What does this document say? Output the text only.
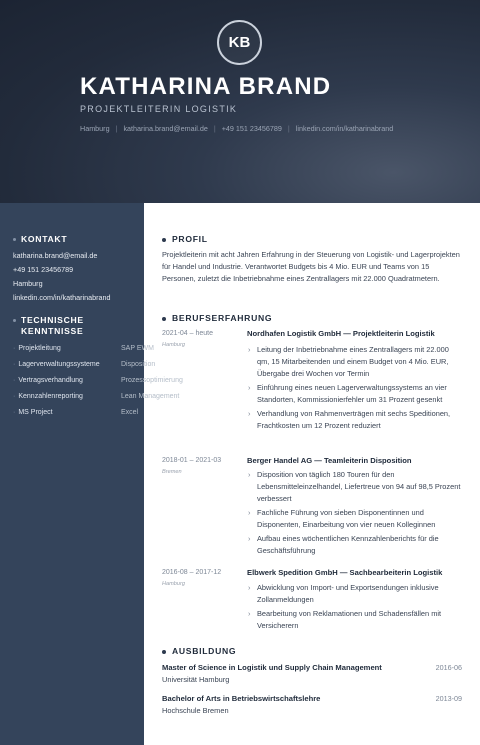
KB
KATHARINA BRAND
PROJEKTLEITERIN LOGISTIK
Hamburg | katharina.brand@email.de | +49 151 23456789 | linkedin.com/in/katharinabrand
KONTAKT
katharina.brand@email.de
+49 151 23456789
Hamburg
linkedin.com/in/katharinabrand
TECHNISCHE
KENNTNISSE
· Projektleitung
· Lagerverwaltungssysteme
· Vertragsverhandlung
· Kennzahlenreporting
· MS Project
SAP EWM
Disposition
Prozessoptimierung
Lean Management
Excel
PROFIL
Projektleiterin mit acht Jahren Erfahrung in der Steuerung von Logistik- und Lagerprojekten für Handel und Industrie. Verantwortet Budgets bis 4 Mio. EUR und Teams von 15 Personen, zuletzt die Inbetriebnahme eines Zentrallagers mit 22.000 Quadratmetern.
BERUFSERFAHRUNG
2021-04 – heute
Hamburg
Nordhafen Logistik GmbH — Projektleiterin Logistik
› Leitung der Inbetriebnahme eines Zentrallagers mit 22.000 qm, 15 Mitarbeitenden und einem Budget von 4 Mio. EUR, Übergabe drei Wochen vor Termin
› Einführung eines neuen Lagerverwaltungssystems an vier Standorten, Kommissionierfehler um 31 Prozent gesenkt
› Verhandlung von Rahmenverträgen mit sechs Speditionen, Frachtkosten um 12 Prozent reduziert
2018-01 – 2021-03
Bremen
Berger Handel AG — Teamleiterin Disposition
› Disposition von täglich 180 Touren für den Lebensmitteleinzelhandel, Liefertreue von 94 auf 98,5 Prozent verbessert
› Fachliche Führung von sieben Disponentinnen und Disponenten, Einarbeitung von vier neuen Kolleginnen
› Aufbau eines wöchentlichen Kennzahlenberichts für die Geschäftsführung
2016-08 – 2017-12
Hamburg
Elbwerk Spedition GmbH — Sachbearbeiterin Logistik
› Abwicklung von Import- und Exportsendungen inklusive Zollanmeldungen
› Bearbeitung von Reklamationen und Schadensfällen mit Versicherern
AUSBILDUNG
Master of Science in Logistik und Supply Chain Management	2016-06
Universität Hamburg
Bachelor of Arts in Betriebswirtschaftslehre	2013-09
Hochschule Bremen
